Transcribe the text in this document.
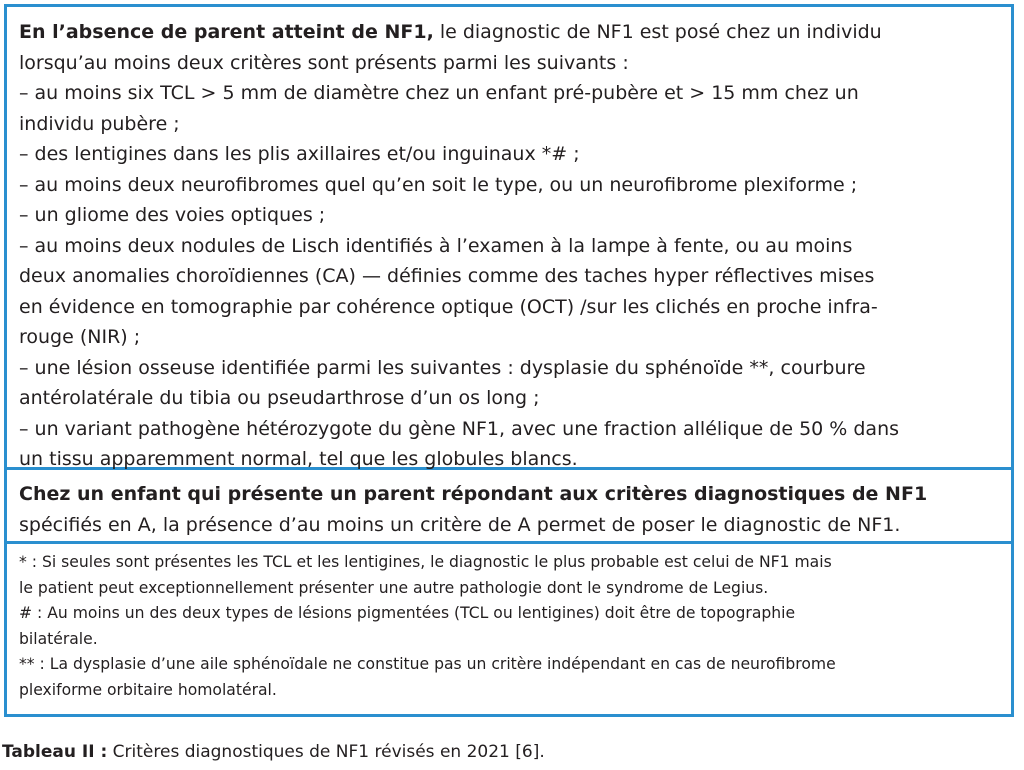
En l’absence de parent atteint de NF1, le diagnostic de NF1 est posé chez un individu
lorsqu’au moins deux critères sont présents parmi les suivants :
– au moins six TCL > 5 mm de diamètre chez un enfant pré-pubère et > 15 mm chez un
individu pubère ;
– des lentigines dans les plis axillaires et/ou inguinaux *# ;
– au moins deux neurofibromes quel qu’en soit le type, ou un neurofibrome plexiforme ;
– un gliome des voies optiques ;
– au moins deux nodules de Lisch identifiés à l’examen à la lampe à fente, ou au moins
deux anomalies choroïdiennes (CA) — définies comme des taches hyper réflectives mises
en évidence en tomographie par cohérence optique (OCT) /sur les clichés en proche infra-
rouge (NIR) ;
– une lésion osseuse identifiée parmi les suivantes : dysplasie du sphénoïde **, courbure
antérolatérale du tibia ou pseudarthrose d’un os long ;
– un variant pathogène hétérozygote du gène NF1, avec une fraction allélique de 50 % dans
un tissu apparemment normal, tel que les globules blancs.
Chez un enfant qui présente un parent répondant aux critères diagnostiques de NF1
spécifiés en A, la présence d’au moins un critère de A permet de poser le diagnostic de NF1.
* : Si seules sont présentes les TCL et les lentigines, le diagnostic le plus probable est celui de NF1 mais
le patient peut exceptionnellement présenter une autre pathologie dont le syndrome de Legius.
# : Au moins un des deux types de lésions pigmentées (TCL ou lentigines) doit être de topographie
bilatérale.
** : La dysplasie d’une aile sphénoïdale ne constitue pas un critère indépendant en cas de neurofibrome
plexiforme orbitaire homolatéral.
Tableau II : Critères diagnostiques de NF1 révisés en 2021 [6].
